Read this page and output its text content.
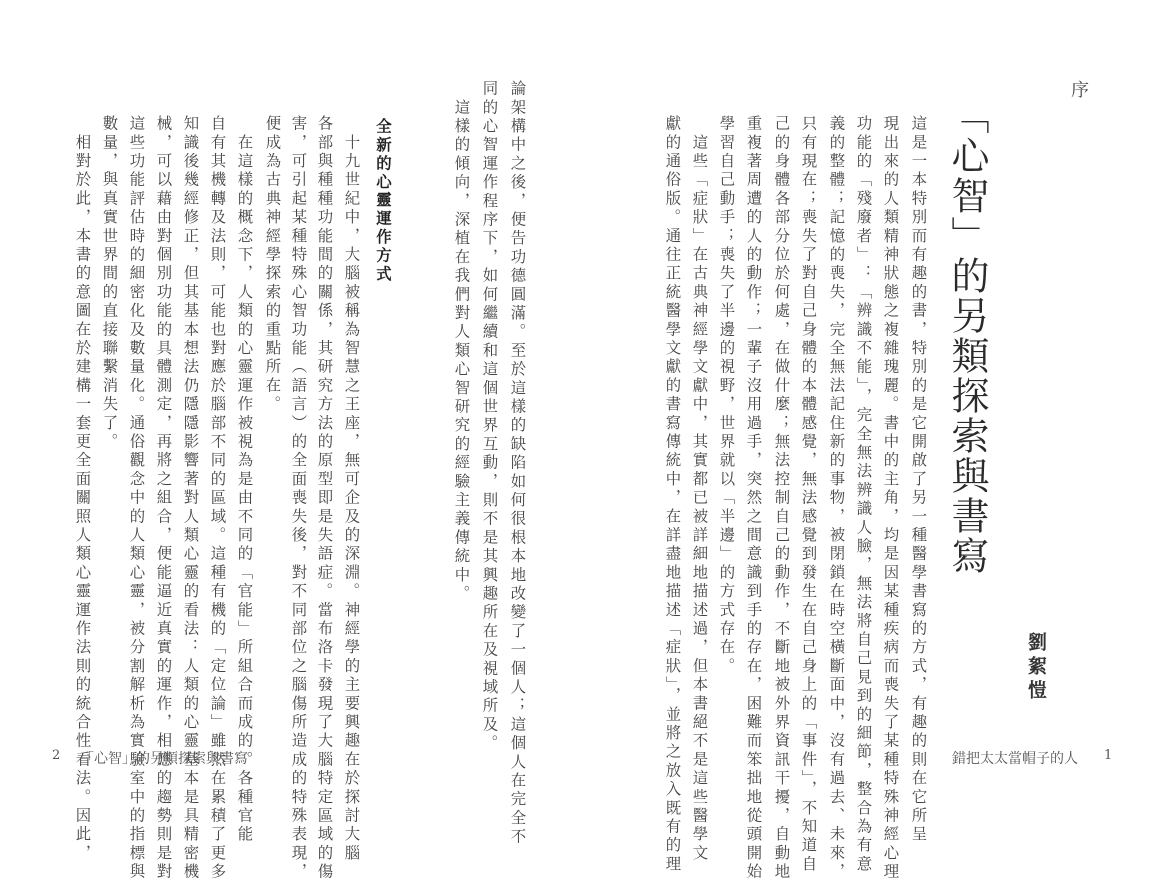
論架構中之後，便告功德圓滿。至於這樣的缺陷如何很根本地改變了一個人；這個人在完全不
同的心智運作程序下，如何繼續和這個世界互動，則不是其興趣所在及視域所及。
　這樣的傾向，深植在我們對人類心智研究的經驗主義傳統中。
全新的心靈運作方式
　十九世紀中，大腦被稱為智慧之王座，無可企及的深淵。神經學的主要興趣在於探討大腦
各部與種種功能間的關係，其研究方法的原型即是失語症。當布洛卡發現了大腦特定區域的傷
害，可引起某種特殊心智功能（語言）的全面喪失後，對不同部位之腦傷所造成的特殊表現，
便成為古典神經學探索的重點所在。
　在這樣的概念下，人類的心靈運作被視為是由不同的「官能」所組合而成的。各種官能
自有其機轉及法則，可能也對應於腦部不同的區域。這種有機的「定位論」雖然在累積了更多
知識後幾經修正，但其基本想法仍隱隱影響著對人類心靈的看法：人類的心靈基本是具精密機
械，可以藉由對個別功能的具體測定，再將之組合，便能逼近真實的運作，相應的趨勢則是對
這些功能評估時的細密化及數量化。通俗觀念中的人類心靈，被分割解析為實驗室中的指標與
數量，與真實世界間的直接聯繫消失了。
　相對於此，本書的意圖在於建構一套更全面關照人類心靈運作法則的統合性看法。因此，
2 「心智」的另類探索與書寫
序
「心智」的另類探索與書寫
這是一本特別而有趣的書，特別的是它開啟了另一種醫學書寫的方式，有趣的則在它所呈
現出來的人類精神狀態之複雜瑰麗。書中的主角，均是因某種疾病而喪失了某種特殊神經心理
功能的「殘廢者」：「辨識不能」，完全無法辨識人臉，無法將自己見到的細節，整合為有意
義的整體；記憶的喪失，完全無法記住新的事物，被閉鎖在時空橫斷面中，沒有過去、未來，
只有現在；喪失了對自己身體的本體感覺，無法感覺到發生在自己身上的「事件」，不知道自
己的身體各部分位於何處，在做什麼；無法控制自己的動作，不斷地被外界資訊干擾，自動地
重複著周遭的人的動作；一輩子沒用過手，突然之間意識到手的存在，困難而笨拙地從頭開始
學習自己動手；喪失了半邊的視野，世界就以「半邊」的方式存在。
　這些「症狀」在古典神經學文獻中，其實都已被詳細地描述過，但本書絕不是這些醫學文
獻的通俗版。通往正統醫學文獻的書寫傳統中，在詳盡地描述「症狀」，並將之放入既有的理	劉絮愷
錯把太太當帽子的人 1
